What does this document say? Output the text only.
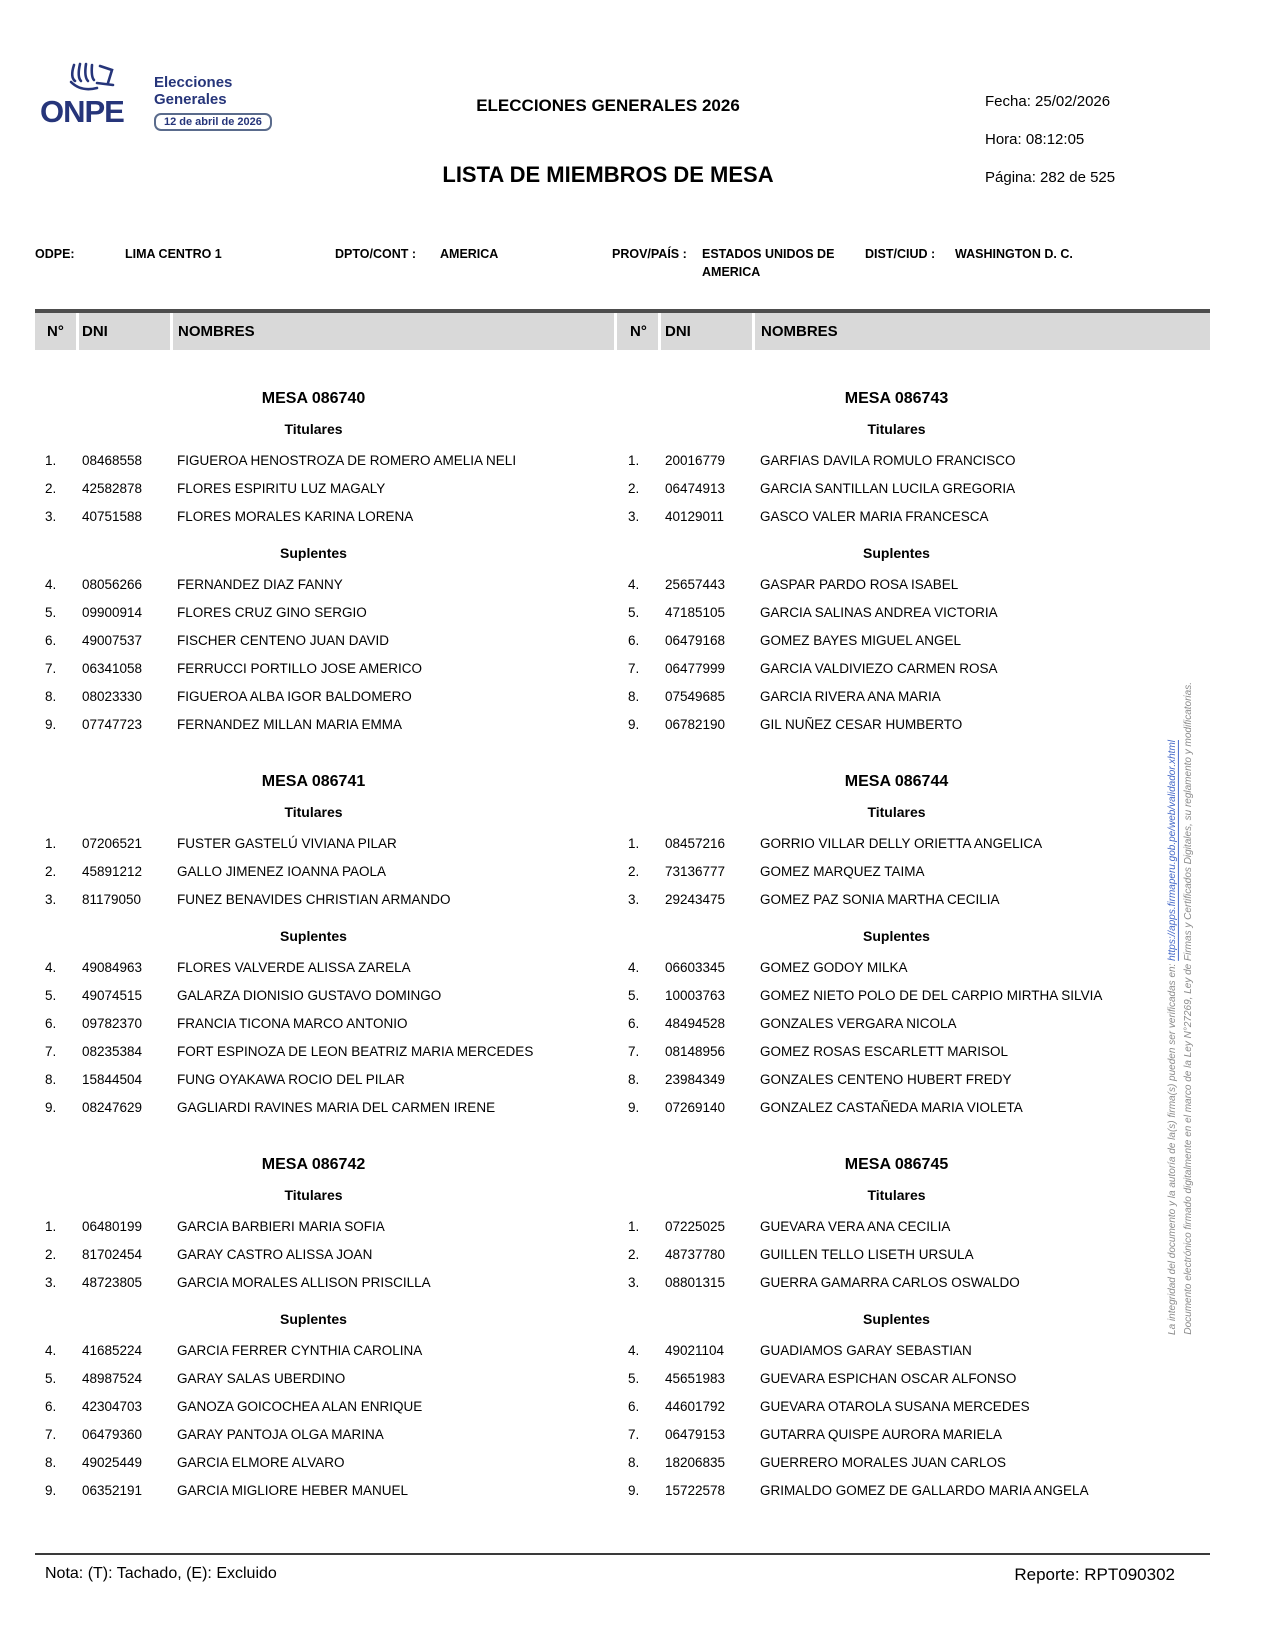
ONPE
Elecciones
Generales
12 de abril de 2026
ELECCIONES GENERALES 2026
LISTA DE MIEMBROS DE MESA
Fecha: 25/02/2026
Hora: 08:12:05
Página: 282 de 525
ODPE:	LIMA CENTRO 1	DPTO/CONT : AMERICA	PROV/PAÍS : ESTADOS UNIDOS DE AMERICA
DIST/CIUD : WASHINGTON D. C.
N° DNI	NOMBRES	N° DNI	NOMBRES
MESA 086740
Titulares
1. 08468558	FIGUEROA HENOSTROZA DE ROMERO AMELIA NELI
2. 42582878	FLORES ESPIRITU LUZ MAGALY
3. 40751588	FLORES MORALES KARINA LORENA
Suplentes
4. 08056266	FERNANDEZ DIAZ FANNY
5. 09900914	FLORES CRUZ GINO SERGIO
6. 49007537	FISCHER CENTENO JUAN DAVID
7. 06341058	FERRUCCI PORTILLO JOSE AMERICO
8. 08023330	FIGUEROA ALBA IGOR BALDOMERO
9. 07747723	FERNANDEZ MILLAN MARIA EMMA
MESA 086741
Titulares
1. 07206521	FUSTER GASTELÚ VIVIANA PILAR
2. 45891212	GALLO JIMENEZ IOANNA PAOLA
3. 81179050	FUNEZ BENAVIDES CHRISTIAN ARMANDO
Suplentes
4. 49084963	FLORES VALVERDE ALISSA ZARELA
5. 49074515	GALARZA DIONISIO GUSTAVO DOMINGO
6. 09782370	FRANCIA TICONA MARCO ANTONIO
7. 08235384	FORT ESPINOZA DE LEON BEATRIZ MARIA MERCEDES
8. 15844504	FUNG OYAKAWA ROCIO DEL PILAR
9. 08247629	GAGLIARDI RAVINES MARIA DEL CARMEN IRENE
MESA 086742
Titulares
1. 06480199	GARCIA BARBIERI MARIA SOFIA
2. 81702454	GARAY CASTRO ALISSA JOAN
3. 48723805	GARCIA MORALES ALLISON PRISCILLA
Suplentes
4. 41685224	GARCIA FERRER CYNTHIA CAROLINA
5. 48987524	GARAY SALAS UBERDINO
6. 42304703	GANOZA GOICOCHEA ALAN ENRIQUE
7. 06479360	GARAY PANTOJA OLGA MARINA
8. 49025449	GARCIA ELMORE ALVARO
9. 06352191	GARCIA MIGLIORE HEBER MANUEL
MESA 086743
Titulares
1. 20016779	GARFIAS DAVILA ROMULO FRANCISCO
2. 06474913	GARCIA SANTILLAN LUCILA GREGORIA
3. 40129011	GASCO VALER MARIA FRANCESCA
Suplentes
4. 25657443	GASPAR PARDO ROSA ISABEL
5. 47185105	GARCIA SALINAS ANDREA VICTORIA
6. 06479168	GOMEZ BAYES MIGUEL ANGEL
7. 06477999	GARCIA VALDIVIEZO CARMEN ROSA
8. 07549685	GARCIA RIVERA ANA MARIA
9. 06782190	GIL NUÑEZ CESAR HUMBERTO
MESA 086744
Titulares
1. 08457216	GORRIO VILLAR DELLY ORIETTA ANGELICA
2. 73136777	GOMEZ MARQUEZ TAIMA
3. 29243475	GOMEZ PAZ SONIA MARTHA CECILIA
Suplentes
4. 06603345	GOMEZ GODOY MILKA
5. 10003763	GOMEZ NIETO POLO DE DEL CARPIO MIRTHA SILVIA
6. 48494528	GONZALES VERGARA NICOLA
7. 08148956	GOMEZ ROSAS ESCARLETT MARISOL
8. 23984349	GONZALES CENTENO HUBERT FREDY
9. 07269140	GONZALEZ CASTAÑEDA MARIA VIOLETA
MESA 086745
Titulares
1. 07225025	GUEVARA VERA ANA CECILIA
2. 48737780	GUILLEN TELLO LISETH URSULA
3. 08801315	GUERRA GAMARRA CARLOS OSWALDO
Suplentes
4. 49021104	GUADIAMOS GARAY SEBASTIAN
5. 45651983	GUEVARA ESPICHAN OSCAR ALFONSO
6. 44601792	GUEVARA OTAROLA SUSANA MERCEDES
7. 06479153	GUTARRA QUISPE AURORA MARIELA
8. 18206835	GUERRERO MORALES JUAN CARLOS
9. 15722578	GRIMALDO GOMEZ DE GALLARDO MARIA ANGELA
Nota: (T): Tachado, (E): Excluido	Reporte: RPT090302
Documento electrónico firmado digitalmente en el marco de la Ley N°27269, Ley de Firmas y Certificados Digitales, su reglamento y modificatorias.
La integridad del documento y la autoría de la(s) firma(s) pueden ser verificadas en: https://apps.firmaperu.gob.pe/web/validador.xhtml
